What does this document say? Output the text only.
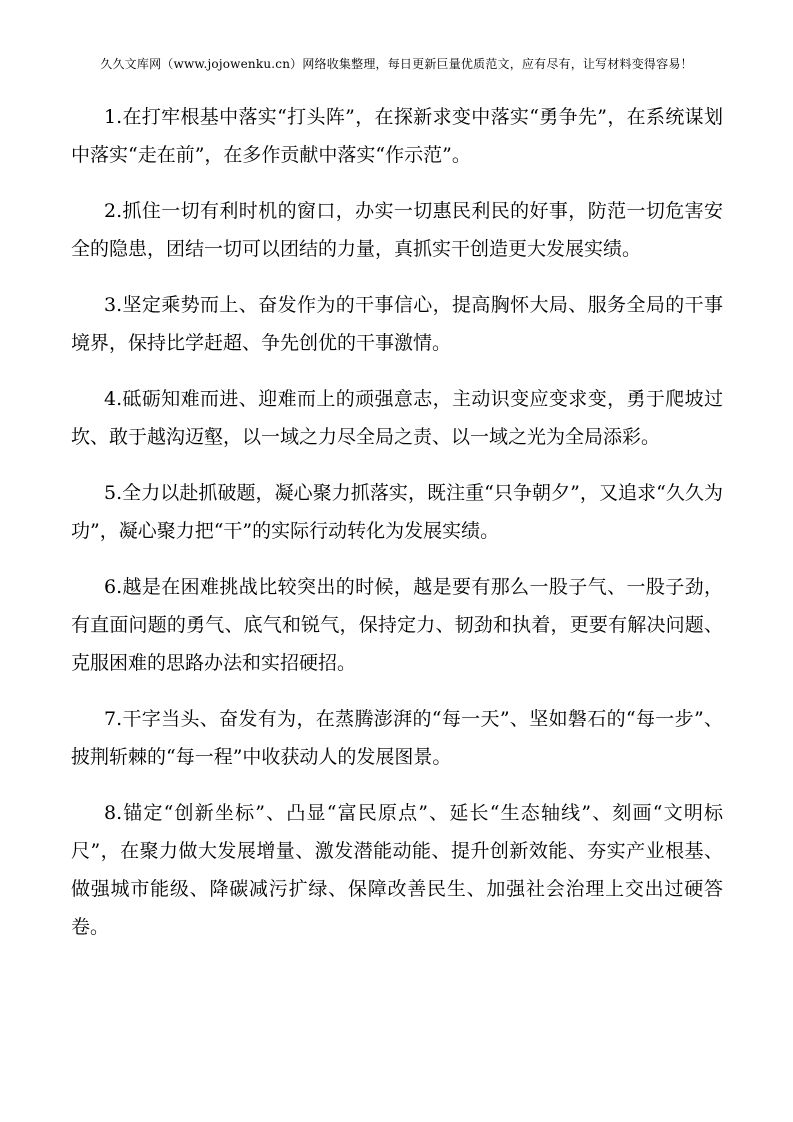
久久文库网（www.jojowenku.cn）网络收集整理，每日更新巨量优质范文，应有尽有，让写材料变得容易！

1.在打牢根基中落实“打头阵”，在探新求变中落实“勇争先”，在系统谋划中落实“走在前”，在多作贡献中落实“作示范”。

2.抓住一切有利时机的窗口，办实一切惠民利民的好事，防范一切危害安全的隐患，团结一切可以团结的力量，真抓实干创造更大发展实绩。

3.坚定乘势而上、奋发作为的干事信心，提高胸怀大局、服务全局的干事境界，保持比学赶超、争先创优的干事激情。

4.砥砺知难而进、迎难而上的顽强意志，主动识变应变求变，勇于爬坡过坎、敢于越沟迈壑，以一域之力尽全局之责、以一域之光为全局添彩。

5.全力以赴抓破题，凝心聚力抓落实，既注重“只争朝夕”，又追求“久久为功”，凝心聚力把“干”的实际行动转化为发展实绩。

6.越是在困难挑战比较突出的时候，越是要有那么一股子气、一股子劲，有直面问题的勇气、底气和锐气，保持定力、韧劲和执着，更要有解决问题、克服困难的思路办法和实招硬招。

7.干字当头、奋发有为，在蒸腾澎湃的“每一天”、坚如磐石的“每一步”、披荆斩棘的“每一程”中收获动人的发展图景。

8.锚定“创新坐标”、凸显“富民原点”、延长“生态轴线”、刻画“文明标尺”，在聚力做大发展增量、激发潜能动能、提升创新效能、夯实产业根基、做强城市能级、降碳减污扩绿、保障改善民生、加强社会治理上交出过硬答卷。
